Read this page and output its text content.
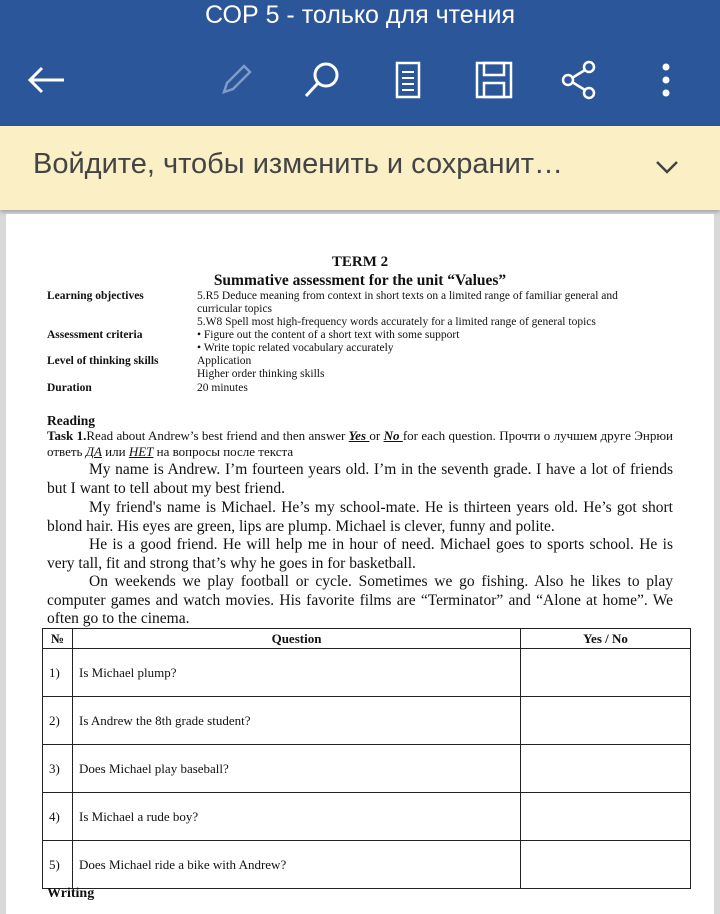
СОР 5 - только для чтения
Войдите, чтобы изменить и сохранит…
TERM 2
Summative assessment for the unit “Values”
Learning objectives	5.R5 Deduce meaning from context in short texts on a limited range of familiar general and
curricular topics
5.W8 Spell most high-frequency words accurately for a limited range of general topics
Assessment criteria	• Figure out the content of a short text with some support
• Write topic related vocabulary accurately
Level of thinking skills	Application
Higher order thinking skills
Duration	20 minutes
Reading
Task 1.Read about Andrew’s best friend and then answer Yes or No for each question. Прочти о лучшем друге Энрюи ответь ДА или НЕТ на вопросы после текста
My name is Andrew. I’m fourteen years old. I’m in the seventh grade. I have a lot of friends but I want to tell about my best friend.
My friend's name is Michael. He’s my school-mate. He is thirteen years old. He’s got short blond hair. His eyes are green, lips are plump. Michael is clever, funny and polite.
He is a good friend. He will help me in hour of need. Michael goes to sports school. He is very tall, fit and strong that’s why he goes in for basketball.
On weekends we play football or cycle. Sometimes we go fishing. Also he likes to play computer games and watch movies. His favorite films are “Terminator” and “Alone at home”. We often go to the cinema.
№	Question	Yes / No
1)	Is Michael plump?	
2)	Is Andrew the 8th grade student?	
3)	Does Michael play baseball?	
4)	Is Michael a rude boy?	
5)	Does Michael ride a bike with Andrew?	
Writing
